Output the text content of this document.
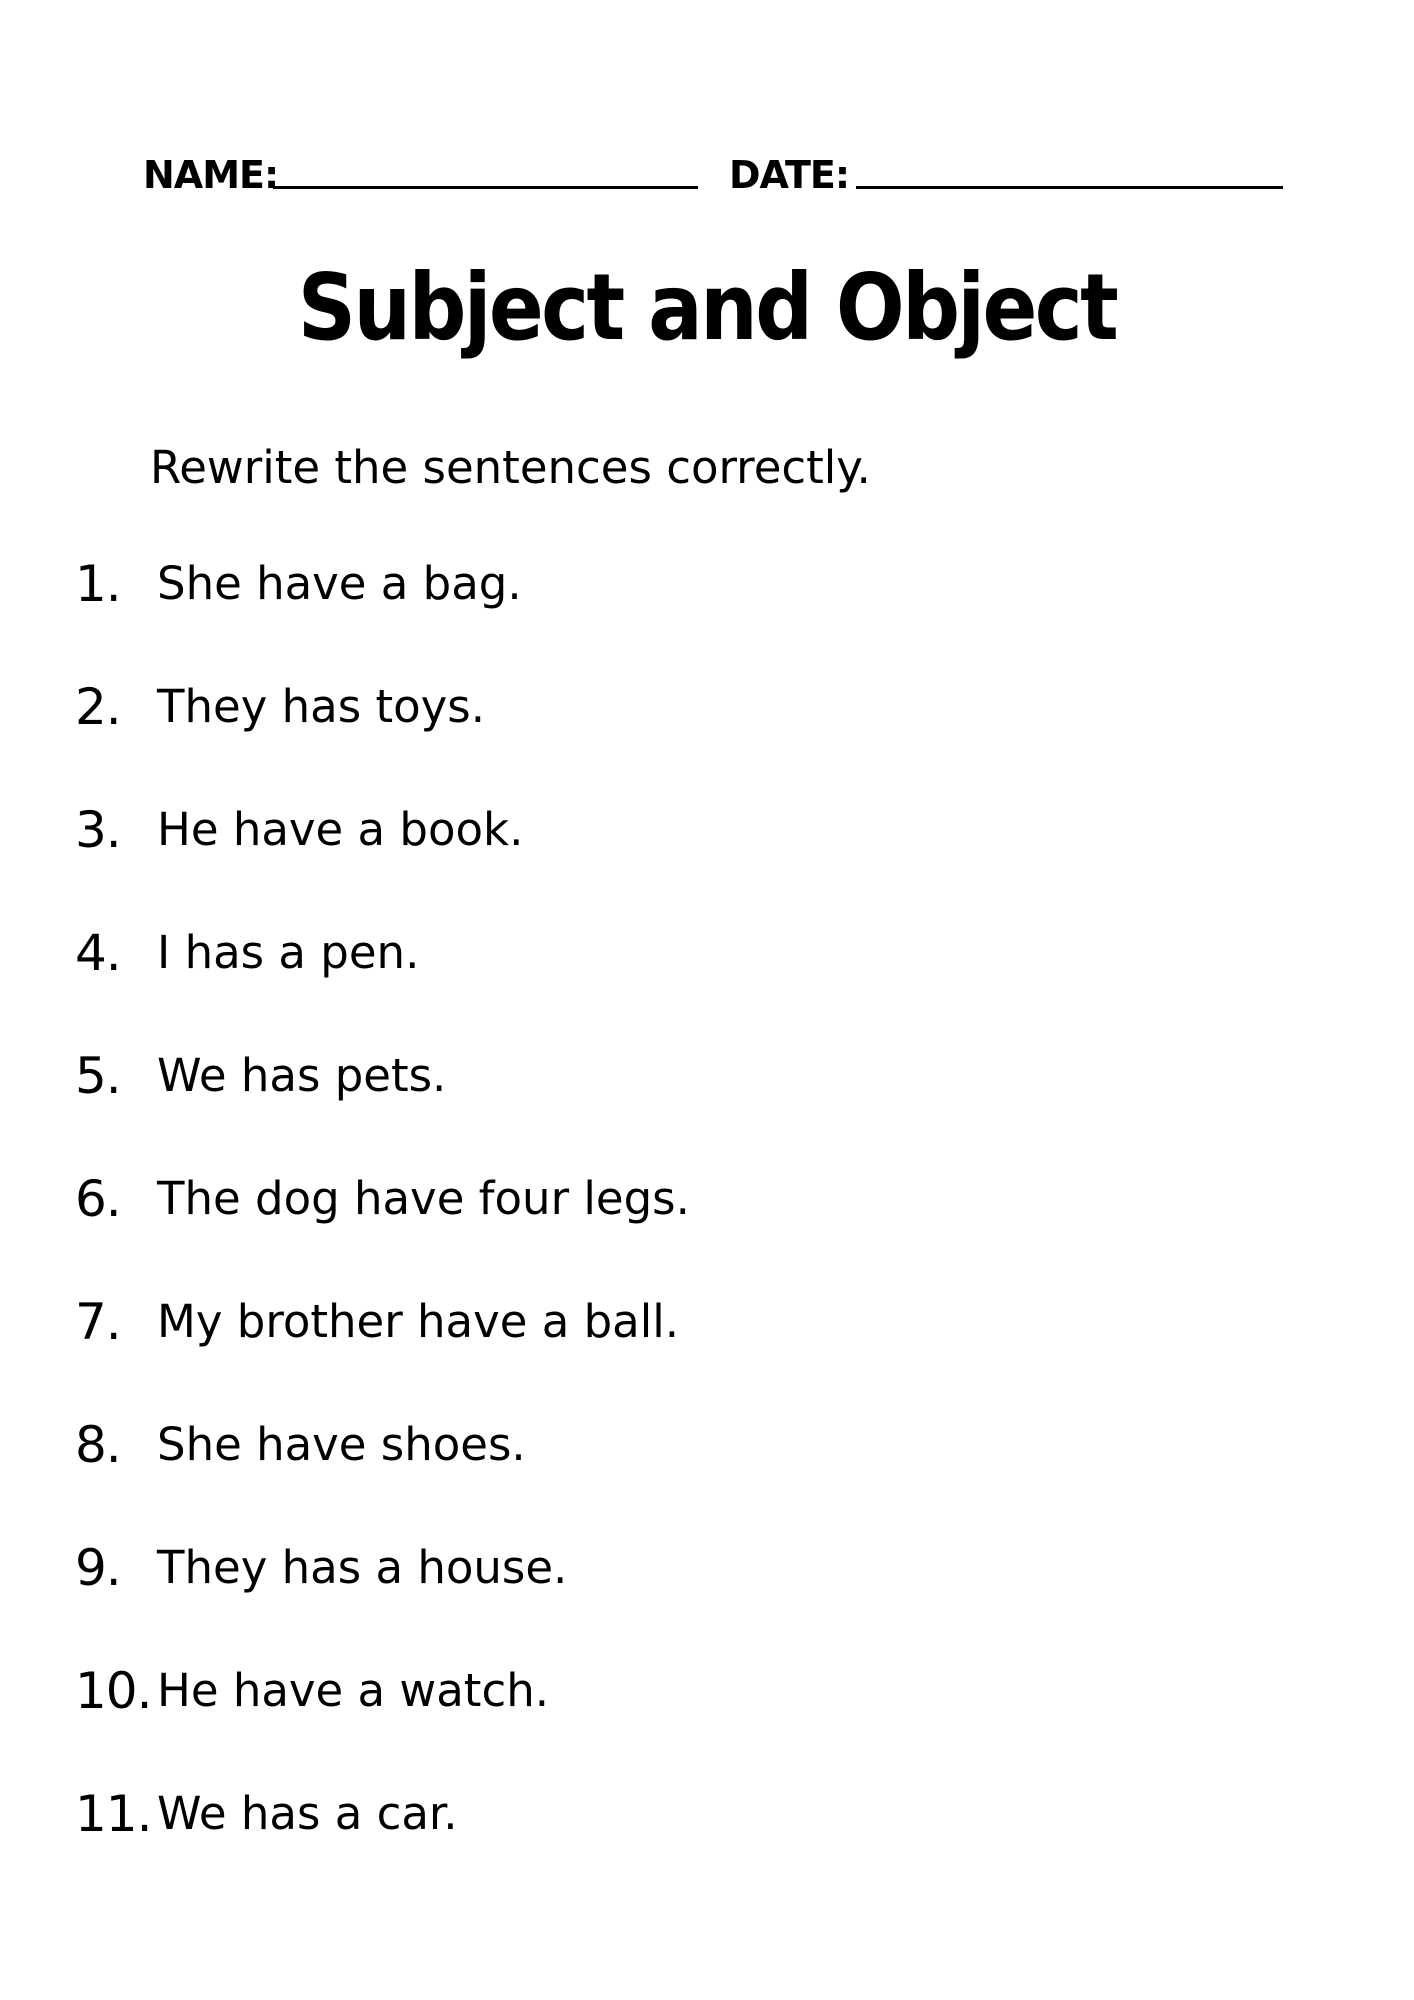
NAME:	DATE:
Subject and Object
Rewrite the sentences correctly.
1. She have a bag.
2. They has toys.
3. He have a book.
4. I has a pen.
5. We has pets.
6. The dog have four legs.
7. My brother have a ball.
8. She have shoes.
9. They has a house.
10. He have a watch.
11. We has a car.
